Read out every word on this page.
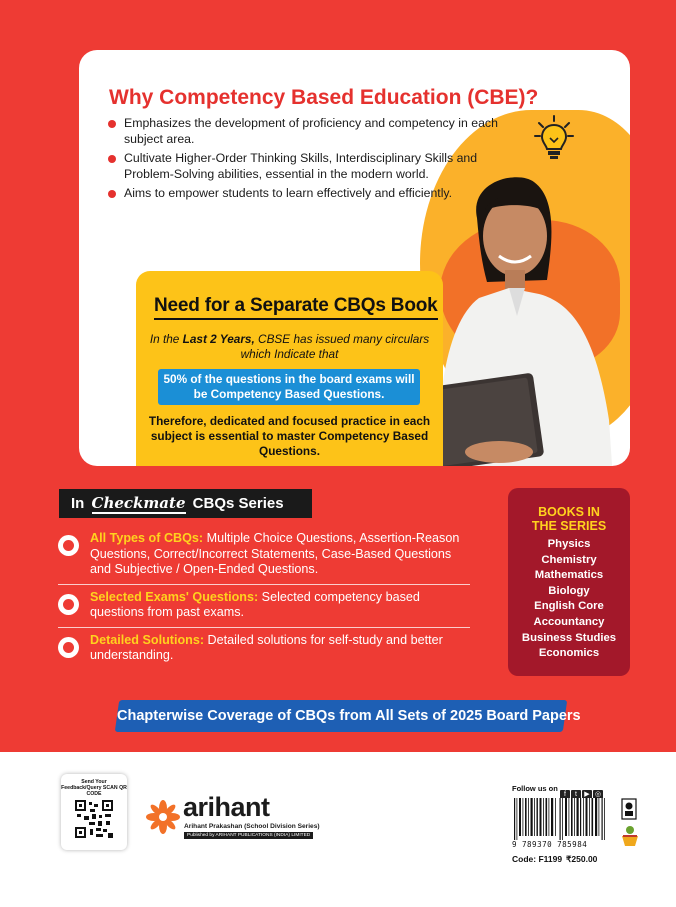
Why Competency Based Education (CBE)?
Emphasizes the development of proficiency and competency in each subject area.
Cultivate Higher-Order Thinking Skills, Interdisciplinary Skills and Problem-Solving abilities, essential in the modern world.
Aims to empower students to learn effectively and efficiently.
Need for a Separate CBQs Book
In the Last 2 Years, CBSE has issued many circulars which Indicate that
50% of the questions in the board exams will be Competency Based Questions.
Therefore, dedicated and focused practice in each subject is essential to master Competency Based Questions.
In Checkmate CBQs Series
All Types of CBQs: Multiple Choice Questions, Assertion-Reason Questions, Correct/Incorrect Statements, Case-Based Questions and Subjective / Open-Ended Questions.
Selected Exams' Questions: Selected competency based questions from past exams.
Detailed Solutions: Detailed solutions for self-study and better understanding.
BOOKS IN THE SERIES
Physics
Chemistry
Mathematics
Biology
English Core
Accountancy
Business Studies
Economics
Chapterwise Coverage of CBQs from All Sets of 2025 Board Papers
Send Your Feedback/Query SCAN QR CODE	arihant
Arihant Prakashan (School Division Series)
Published by ARIHANT PUBLICATIONS (INDIA) LIMITED
Follow us on
f t ▶ ◎
9 789370 785984
Code: F1199 ₹250.00
